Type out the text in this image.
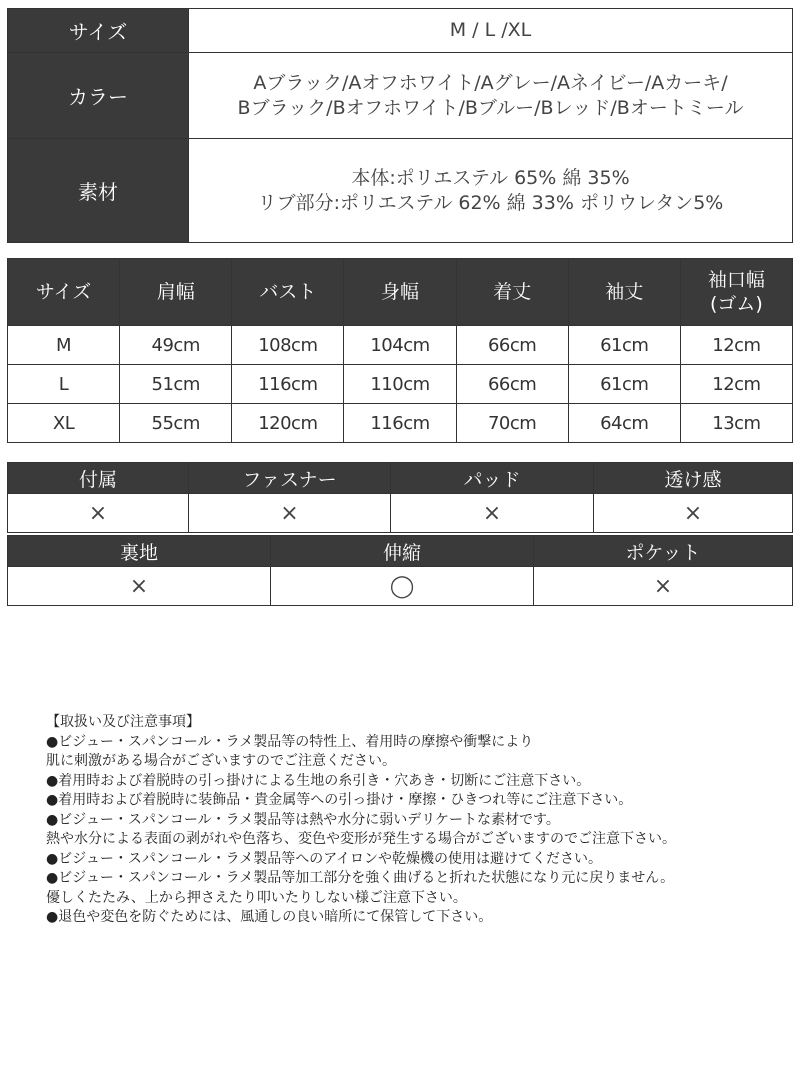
サイズ	M / L /XL

カラー	Aブラック/Aオフホワイト/Aグレー/Aネイビー/Aカーキ/
Bブラック/Bオフホワイト/Bブルー/Bレッド/Bオートミール

素材	本体:ポリエステル 65% 綿 35%
リブ部分:ポリエステル 62% 綿 33% ポリウレタン5%
サイズ	肩幅	バスト	身幅	着丈	袖丈	袖口幅
(ゴム)

M	49cm	108cm	104cm	66cm	61cm	12cm
L	51cm	116cm	110cm	66cm	61cm	12cm
XL	55cm	120cm	116cm	70cm	64cm	13cm
付属	ファスナー	パッド	透け感
×	×	×	×
裏地	伸縮	ポケット
×	◯	×
【取扱い及び注意事項】
●ビジュー・スパンコール・ラメ製品等の特性上、着用時の摩擦や衝撃により
肌に刺激がある場合がございますのでご注意ください。
●着用時および着脱時の引っ掛けによる生地の糸引き・穴あき・切断にご注意下さい。
●着用時および着脱時に装飾品・貴金属等への引っ掛け・摩擦・ひきつれ等にご注意下さい。
●ビジュー・スパンコール・ラメ製品等は熱や水分に弱いデリケートな素材です。
熱や水分による表面の剥がれや色落ち、変色や変形が発生する場合がございますのでご注意下さい。
●ビジュー・スパンコール・ラメ製品等へのアイロンや乾燥機の使用は避けてください。
●ビジュー・スパンコール・ラメ製品等加工部分を強く曲げると折れた状態になり元に戻りません。
優しくたたみ、上から押さえたり叩いたりしない様ご注意下さい。
●退色や変色を防ぐためには、風通しの良い暗所にて保管して下さい。
